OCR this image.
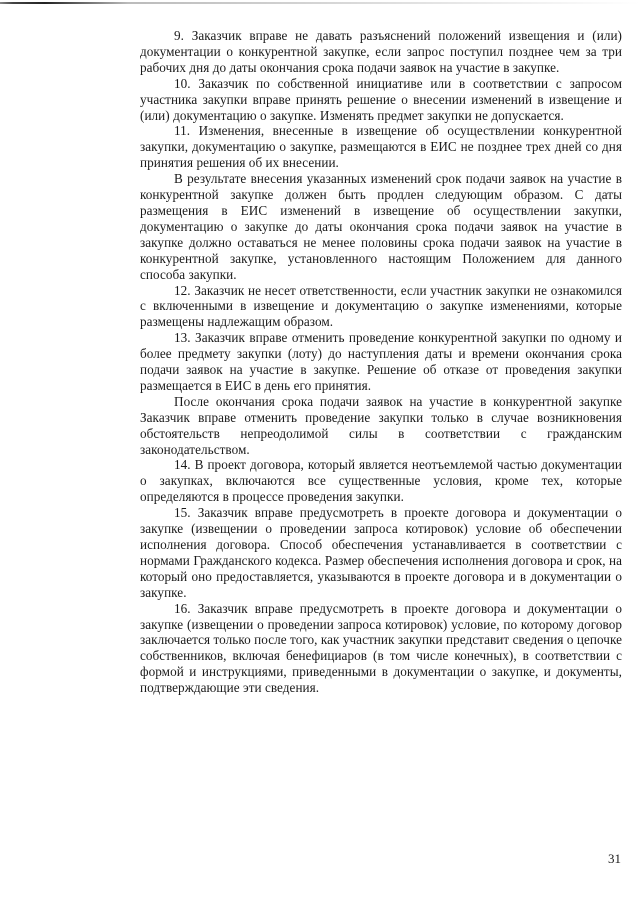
9. Заказчик вправе не давать разъяснений положений извещения и (или) документации о конкурентной закупке, если запрос поступил позднее чем за три рабочих дня до даты окончания срока подачи заявок на участие в закупке.

10. Заказчик по собственной инициативе или в соответствии с запросом участника закупки вправе принять решение о внесении изменений в извещение и (или) документацию о закупке. Изменять предмет закупки не допускается.

11. Изменения, внесенные в извещение об осуществлении конкурентной закупки, документацию о закупке, размещаются в ЕИС не позднее трех дней со дня принятия решения об их внесении.

В результате внесения указанных изменений срок подачи заявок на участие в конкурентной закупке должен быть продлен следующим образом. С даты размещения в ЕИС изменений в извещение об осуществлении закупки, документацию о закупке до даты окончания срока подачи заявок на участие в закупке должно оставаться не менее половины срока подачи заявок на участие в конкурентной закупке, установленного настоящим Положением для данного способа закупки.

12. Заказчик не несет ответственности, если участник закупки не ознакомился с включенными в извещение и документацию о закупке изменениями, которые размещены надлежащим образом.

13. Заказчик вправе отменить проведение конкурентной закупки по одному и более предмету закупки (лоту) до наступления даты и времени окончания срока подачи заявок на участие в закупке. Решение об отказе от проведения закупки размещается в ЕИС в день его принятия.

После окончания срока подачи заявок на участие в конкурентной закупке Заказчик вправе отменить проведение закупки только в случае возникновения обстоятельств непреодолимой силы в соответствии с гражданским законодательством.

14. В проект договора, который является неотъемлемой частью документации о закупках, включаются все существенные условия, кроме тех, которые определяются в процессе проведения закупки.

15. Заказчик вправе предусмотреть в проекте договора и документации о закупке (извещении о проведении запроса котировок) условие об обеспечении исполнения договора. Способ обеспечения устанавливается в соответствии с нормами Гражданского кодекса. Размер обеспечения исполнения договора и срок, на который оно предоставляется, указываются в проекте договора и в документации о закупке.

16. Заказчик вправе предусмотреть в проекте договора и документации о закупке (извещении о проведении запроса котировок) условие, по которому договор заключается только после того, как участник закупки представит сведения о цепочке собственников, включая бенефициаров (в том числе конечных), в соответствии с формой и инструкциями, приведенными в документации о закупке, и документы, подтверждающие эти сведения.

31
